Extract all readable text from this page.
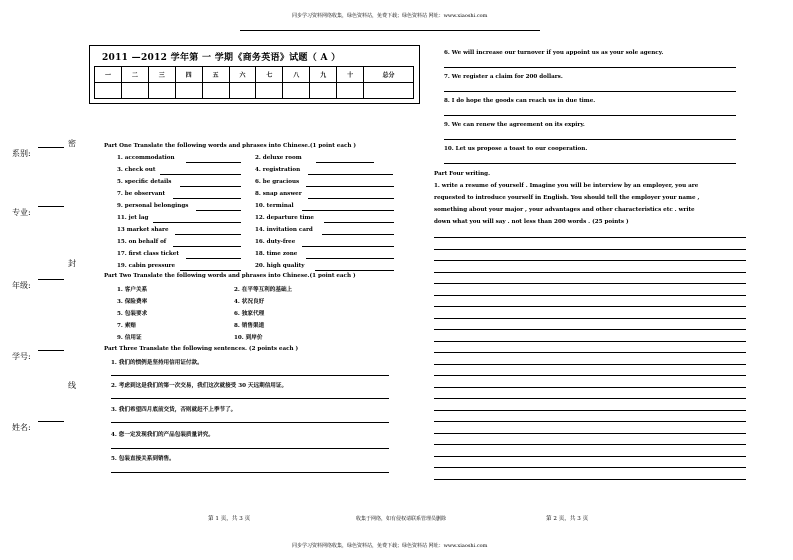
同步学习资料网络收集，绿色资料站，免费下载；绿色资料站 网址：www.xiaoshi.com
系别:
专业:
年级:
学号:
姓名:
密
封
线
2011 —2012 学年第 一 学期《商务英语》试题（ A ）
一	二	三	四	五	六	七	八	九	十	总分

Part One Translate the following words and phrases into Chinese.(1 point each )
1. accommodation	2. deluxe room
3. check out	4. registration
5. specific details	6. be gracious
7. be observant	8. snap answer
9. personal belongings	10. terminal
11. jet lag	12. departure time
13 market share	14. invitation card
15. on behalf of	16. duty-free
17. first class ticket	18. time zone
19. cabin pressure	20. high quality
Part Two Translate the following words and phrases into Chinese.(1 point each )
1. 客户关系	2. 在平等互利的基础上
3. 保险费率	4. 状况良好
5. 包装要求	6. 独家代理
7. 索赔	8. 销售渠道
9. 信用证	10. 到岸价
Part Three Translate the following sentences. (2 points each )
1. 我们的惯例是坚持用信用证付款。
2. 考虑到这是我们的第一次交易，我们这次就接受 30 天远期信用证。
3. 我们希望四月底前交货，否则就赶不上季节了。
4. 您一定发现我们的产品包装质量讲究。
5. 包装直接关系到销售。
6. We will increase our turnover if you appoint us as your sole agency.
7. We register a claim for 200 dollars.
8. I do hope the goods can reach us in due time.
9. We can renew the agreement on its expiry.
10. Let us propose a toast to our cooperation.
Part Four writing.
1. write a resume of yourself . Imagine you will be interview by an employer, you are
requested to introduce yourself in English. You should tell the employer your name ,
something about your major , your advantages and other characteristics etc . write
down what you will say . not less than 200 words . (25 points )
第 1 页，共 3 页	收集于网络，如有侵权请联系管理员删除	第 2 页，共 3 页
同步学习资料网络收集，绿色资料站，免费下载；绿色资料站 网址：www.xiaoshi.com
